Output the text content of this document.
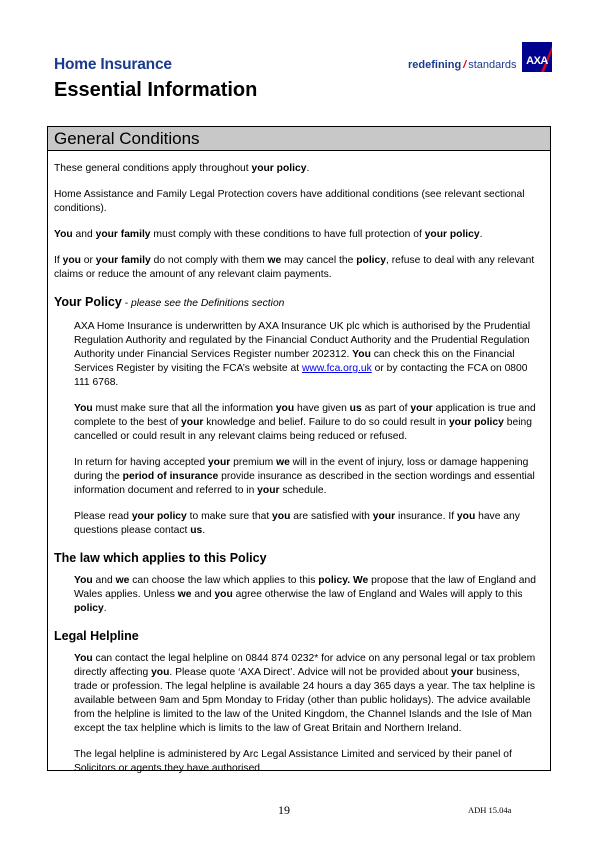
Home Insurance
Essential Information
redefining / standards AXA
General Conditions

These general conditions apply throughout your policy.

Home Assistance and Family Legal Protection covers have additional conditions (see relevant sectional conditions).

You and your family must comply with these conditions to have full protection of your policy.

If you or your family do not comply with them we may cancel the policy, refuse to deal with any relevant claims or reduce the amount of any relevant claim payments.

Your Policy - please see the Definitions section

AXA Home Insurance is underwritten by AXA Insurance UK plc which is authorised by the Prudential Regulation Authority and regulated by the Financial Conduct Authority and the Prudential Regulation Authority under Financial Services Register number 202312. You can check this on the Financial Services Register by visiting the FCA’s website at www.fca.org.uk or by contacting the FCA on 0800 111 6768.

You must make sure that all the information you have given us as part of your application is true and complete to the best of your knowledge and belief. Failure to do so could result in your policy being cancelled or could result in any relevant claims being reduced or refused.

In return for having accepted your premium we will in the event of injury, loss or damage happening during the period of insurance provide insurance as described in the section wordings and essential information document and referred to in your schedule.

Please read your policy to make sure that you are satisfied with your insurance. If you have any questions please contact us.

The law which applies to this Policy

You and we can choose the law which applies to this policy. We propose that the law of England and Wales applies. Unless we and you agree otherwise the law of England and Wales will apply to this policy.

Legal Helpline

You can contact the legal helpline on 0844 874 0232* for advice on any personal legal or tax problem directly affecting you. Please quote ‘AXA Direct’. Advice will not be provided about your business, trade or profession. The legal helpline is available 24 hours a day 365 days a year. The tax helpline is available between 9am and 5pm Monday to Friday (other than public holidays). The advice available from the helpline is limited to the law of the United Kingdom, the Channel Islands and the Isle of Man except the tax helpline which is limits to the law of Great Britain and Northern Ireland.

The legal helpline is administered by Arc Legal Assistance Limited and serviced by their panel of Solicitors or agents they have authorised.

19	ADH 15.04a
